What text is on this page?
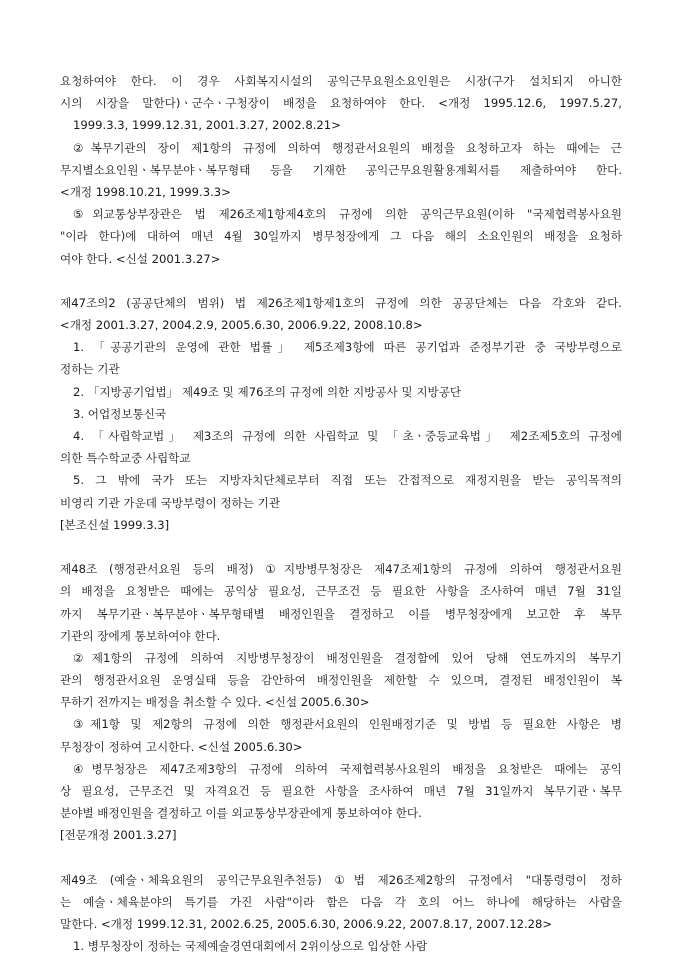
요청하여야 한다. 이 경우 사회복지시설의 공익근무요원소요인원은 시장(구가 설치되지 아니한
시의 시장을 말한다)ㆍ군수ㆍ구청장이 배정을 요청하여야 한다. <개정 1995.12.6, 1997.5.27,
1999.3.3, 1999.12.31, 2001.3.27, 2002.8.21>
②복무기관의 장이 제1항의 규정에 의하여 행정관서요원의 배정을 요청하고자 하는 때에는 근
무지별소요인원ㆍ복무분야ㆍ복무형태 등을 기재한 공익근무요원활용계획서를 제출하여야 한다.
<개정 1998.10.21, 1999.3.3>
⑤외교통상부장관은 법 제26조제1항제4호의 규정에 의한 공익근무요원(이하 "국제협력봉사요원
"이라 한다)에 대하여 매년 4월 30일까지 병무청장에게 그 다음 해의 소요인원의 배정을 요청하
여야 한다. <신설 2001.3.27>
제47조의2 (공공단체의 범위) 법 제26조제1항제1호의 규정에 의한 공공단체는 다음 각호와 같다.
<개정 2001.3.27, 2004.2.9, 2005.6.30, 2006.9.22, 2008.10.8>
1. 「공공기관의 운영에 관한 법률」 제5조제3항에 따른 공기업과 준정부기관 중 국방부령으로
정하는 기관
2. 「지방공기업법」 제49조 및 제76조의 규정에 의한 지방공사 및 지방공단
3. 어업정보통신국
4. 「사립학교법」 제3조의 규정에 의한 사립학교 및 「초ㆍ중등교육법」 제2조제5호의 규정에
의한 특수학교중 사립학교
5. 그 밖에 국가 또는 지방자치단체로부터 직접 또는 간접적으로 재정지원을 받는 공익목적의
비영리 기관 가운데 국방부령이 정하는 기관
[본조신설 1999.3.3]
제48조 (행정관서요원 등의 배정) ①지방병무청장은 제47조제1항의 규정에 의하여 행정관서요원
의 배정을 요청받은 때에는 공익상 필요성, 근무조건 등 필요한 사항을 조사하여 매년 7월 31일
까지 복무기관ㆍ복무분야ㆍ복무형태별 배정인원을 결정하고 이를 병무청장에게 보고한 후 복무
기관의 장에게 통보하여야 한다.
②제1항의 규정에 의하여 지방병무청장이 배정인원을 결정함에 있어 당해 연도까지의 복무기
관의 행정관서요원 운영실태 등을 감안하여 배정인원을 제한할 수 있으며, 결정된 배정인원이 복
무하기 전까지는 배정을 취소할 수 있다. <신설 2005.6.30>
③제1항 및 제2항의 규정에 의한 행정관서요원의 인원배정기준 및 방법 등 필요한 사항은 병
무청장이 정하여 고시한다. <신설 2005.6.30>
④병무청장은 제47조제3항의 규정에 의하여 국제협력봉사요원의 배정을 요청받은 때에는 공익
상 필요성, 근무조건 및 자격요건 등 필요한 사항을 조사하여 매년 7월 31일까지 복무기관ㆍ복무
분야별 배정인원을 결정하고 이를 외교통상부장관에게 통보하여야 한다.
[전문개정 2001.3.27]
제49조 (예술ㆍ체육요원의 공익근무요원추천등) ①법 제26조제2항의 규정에서 "대통령령이 정하
는 예술ㆍ체육분야의 특기를 가진 사람"이라 함은 다음 각 호의 어느 하나에 해당하는 사람을
말한다. <개정 1999.12.31, 2002.6.25, 2005.6.30, 2006.9.22, 2007.8.17, 2007.12.28>
1. 병무청장이 정하는 국제예술경연대회에서 2위이상으로 입상한 사람
